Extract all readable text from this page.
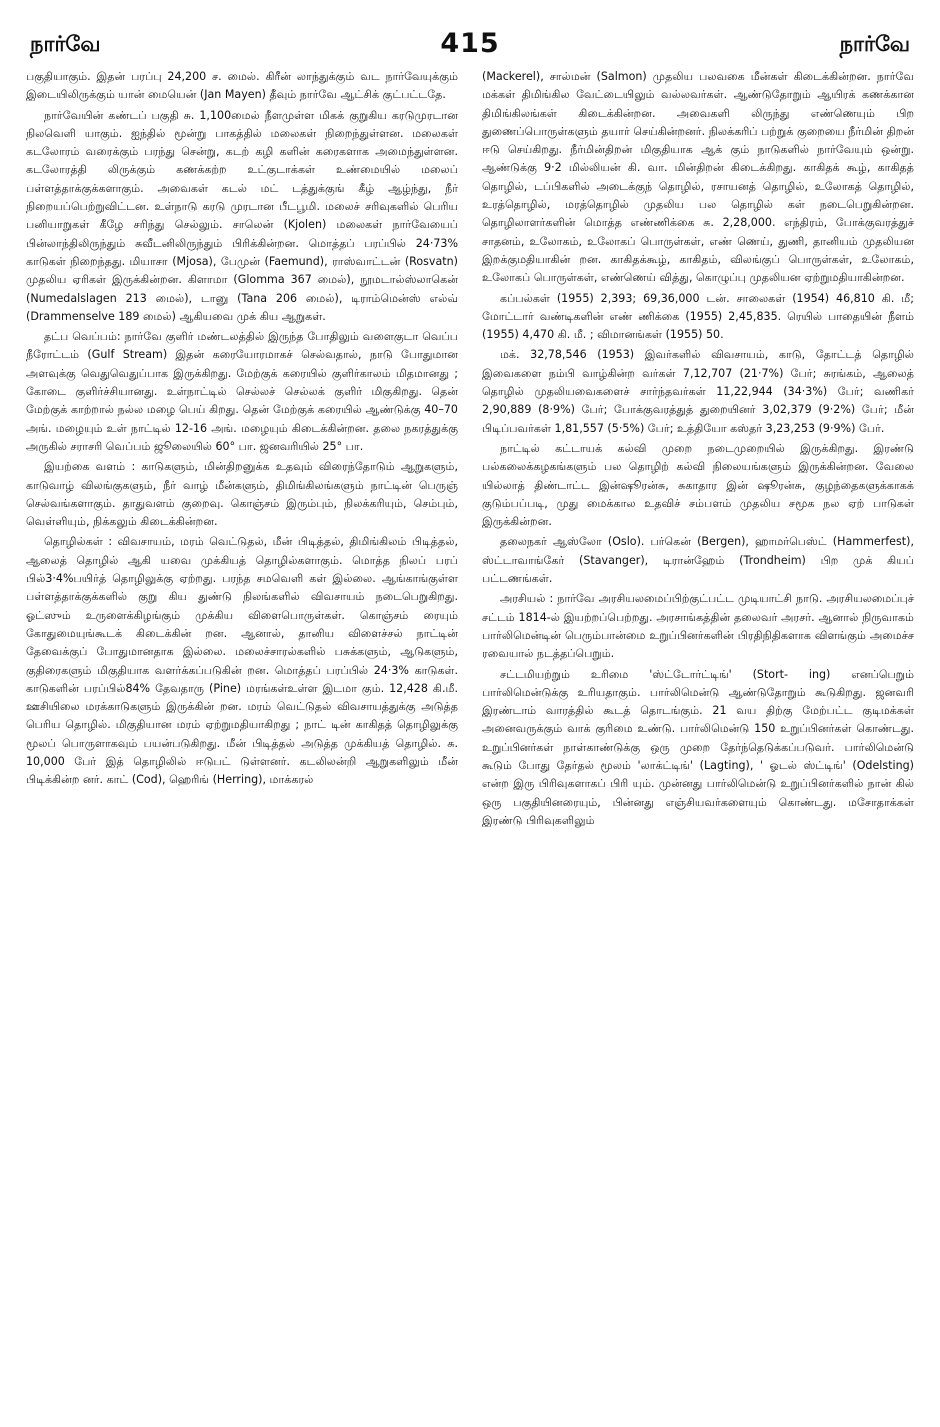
நார்வே	415	நார்வே

பகுதியாகும். இதன் பரப்பு 24,200 ச. மைல். கிரீன் லாந்துக்கும் வட நார்வேயுக்கும் இடையிலிருக்கும் யான் மையென் (Jan Mayen) தீவும் நார்வே ஆட்சிக் குட்பட்டதே.

நார்வேயின் கண்டப் பகுதி சு. 1,100மைல் நீளமுள்ள மிகக் குறுகிய கரடுமுரடான நிலவெளி யாகும். ஐந்தில் மூன்று பாகத்தில் மலைகள் நிறைந்துள்ளன. மலைகள் கடலோரம் வரைக்கும் பரந்து சென்று, கடற் கழி களின் கரைகளாக அமைந்துள்ளன. கடலோரத்தி லிருக்கும் கணக்கற்ற உட்குடாக்கள் உண்மையில் மலைப் பள்ளத்தாக்குக்களாகும். அவைகள் கடல் மட் டத்துக்குங் கீழ் ஆழ்ந்து, நீர் நிறையப்பெற்றுவிட்டன. உள்நாடு கரடு முரடான பீடபூமி. மலைச் சரிவுகளில் பெரிய பனியாறுகள் கீழே சரிந்து செல்லும். சாலென் (Kjolen) மலைகள் நார்வேயைப் பின்லாந்திலிருந்தும் சுவீடனிலிருந்தும் பிரிக்கின்றன. மொத்தப் பரப்பில் 24·73% காடுகள் நிறைந்தது. மியாசா (Mjosa), பேமுன் (Faemund), ராஸ்வாட்டன் (Rosvatn) முதலிய ஏரிகள் இருக்கின்றன. கிளாமா (Glomma 367 மைல்), நூமடால்ஸ்லாகென் (Numedalslagen 213 மைல்), டானு (Tana 206 மைல்), டிராம்மென்ஸ் எல்வ் (Drammenselve 189 மைல்) ஆகியவை முக் கிய ஆறுகள்.

தட்ப வெப்பம்: நார்வே குளிர் மண்டலத்தில் இருந்த போதிலும் வளைகுடா வெப்ப நீரோட்டம் (Gulf Stream) இதன் கரையோரமாகச் செல்வதால், நாடு போதுமான அளவுக்கு வெதுவெதுப்பாக இருக்கிறது. மேற்குக் கரையில் குளிர்காலம் மிதமானது ; கோடை குளிர்ச்சியானது. உள்நாட்டில் செல்லச் செல்லக் குளிர் மிகுகிறது. தென் மேற்குக் காற்றால் நல்ல மழை பெய் கிறது. தென் மேற்குக் கரையில் ஆண்டுக்கு 40–70 அங். மழையும் உள் நாட்டில் 12-16 அங். மழையும் கிடைக்கின்றன. தலை நகரத்துக்கு அருகில் சராசரி வெப்பம் ஜூலையில் 60° பா. ஜனவரியில் 25° பா.

இயற்கை வளம் : காடுகளும், மின்திறனுக்க உதவும் விரைந்தோடும் ஆறுகளும், காடுவாழ் விலங்குகளும், நீர் வாழ் மீன்களும், திமிங்கிலங்களும் நாட்டின் பெருஞ் செல்வங்களாகும். தாதுவளம் குறைவு. கொஞ்சம் இரும்பும், நிலக்கரியும், செம்பும், வெள்ளியும், நிக்கலும் கிடைக்கின்றன.

தொழில்கள் : விவசாயம், மரம் வெட்டுதல், மீன் பிடித்தல், திமிங்கிலம் பிடித்தல், ஆலைத் தொழில் ஆகி யவை முக்கியத் தொழில்களாகும். மொத்த நிலப் பரப் பில்3·4%பயிர்த் தொழிலுக்கு ஏற்றது. பரந்த சமவெளி கள் இல்லை. ஆங்காங்குள்ள பள்ளத்தாக்குக்களில் குறு கிய துண்டு நிலங்களில் விவசாயம் நடைபெறுகிறது. ஓட்ஸும் உருளைக்கிழங்கும் முக்கிய விளைபொருள்கள். கொஞ்சம் ரையும் கோதுமையுங்கூடக் கிடைக்கின் றன. ஆனால், தானிய விளைச்சல் நாட்டின் தேவைக்குப் போதுமானதாக இல்லை. மலைச்சாரல்களில் பசுக்களும், ஆடுகளும், குதிரைகளும் மிகுதியாக வளர்க்கப்படுகின் றன. மொத்தப் பரப்பில் 24·3% காடுகள். காடுகளின் பரப்பில்84% தேவதாரு (Pine) மரங்கள்உள்ள இடமா கும். 12,428 கி.மீ. ஊசியிலை மரக்காடுகளும் இருக்கின் றன. மரம் வெட்டுதல் விவசாயத்துக்கு அடுத்த பெரிய தொழில். மிகுதியான மரம் ஏற்றுமதியாகிறது ; நாட் டின் காகிதத் தொழிலுக்கு மூலப் பொருளாகவும் பயன்படுகிறது. மீன் பிடித்தல் அடுத்த முக்கியத் தொழில். சு. 10,000 பேர் இத் தொழிலில் ஈடுபட் டுள்ளனர். கடலிலன்றி ஆறுகளிலும் மீன் பிடிக்கின்ற னர். காட் (Cod), ஹெரிங் (Herring), மாக்கரல்

(Mackerel), சால்மன் (Salmon) முதலிய பலவகை மீன்கள் கிடைக்கின்றன. நார்வே மக்கள் திமிங்கில வேட்டையிலும் வல்லவர்கள். ஆண்டுதோறும் ஆயிரக் கணக்கான திமிங்கிலங்கள் கிடைக்கின்றன. அவைகளி லிருந்து எண்ணெயும் பிற துணைப்பொருள்களும் தயார் செய்கின்றனர். நிலக்கரிப் பற்றுக் குறையை நீர்மின் திறன் ஈடு செய்கிறது. நீர்மின்திறன் மிகுதியாக ஆக் கும் நாடுகளில் நார்வேயும் ஒன்று. ஆண்டுக்கு 9·2 மில்லியன் கி. வா. மின்திறன் கிடைக்கிறது. காகிதக் கூழ், காகிதத் தொழில், டப்பிகளில் அடைக்குந் தொழில், ரசாயனத் தொழில், உலோகத் தொழில், உரத்தொழில், மரத்தொழில் முதலிய பல தொழில் கள் நடைபெறுகின்றன. தொழிலாளர்களின் மொத்த எண்ணிக்கை சு. 2,28,000. எந்திரம், போக்குவரத்துச் சாதனம், உலோகம், உலோகப் பொருள்கள், எண் ணெய், துணி, தானியம் முதலியன இறக்குமதியாகின் றன. காகிதக்கூழ், காகிதம், விலங்குப் பொருள்கள், உலோகம், உலோகப் பொருள்கள், எண்ணெய் வித்து, கொழுப்பு முதலியன ஏற்றுமதியாகின்றன.

கப்பல்கள் (1955) 2,393; 69,36,000 டன். சாலைகள் (1954) 46,810 கி. மீ; மோட்டார் வண்டிகளின் எண் ணிக்கை (1955) 2,45,835. ரெயில் பாதையின் நீளம் (1955) 4,470 கி. மீ. ; விமானங்கள் (1955) 50.

மக். 32,78,546 (1953) இவர்களில் விவசாயம், காடு, தோட்டத் தொழில் இவைகளை நம்பி வாழ்கின்ற வர்கள் 7,12,707 (21·7%) பேர்; சுரங்கம், ஆலைத் தொழில் முதலியவைகளைச் சார்ந்தவர்கள் 11,22,944 (34·3%) பேர்; வணிகர் 2,90,889 (8·9%) பேர்; போக்குவரத்துத் துறையினர் 3,02,379 (9·2%) பேர்; மீன் பிடிப்பவர்கள் 1,81,557 (5·5%) பேர்; உத்தியோ கஸ்தர் 3,23,253 (9·9%) பேர்.

நாட்டில் கட்டாயக் கல்வி முறை நடைமுறையில் இருக்கிறது. இரண்டு பல்கலைக்கழகங்களும் பல தொழிற் கல்வி நிலையங்களும் இருக்கின்றன. வேலை யில்லாத் திண்டாட்ட இன்ஷூரன்சு, சுகாதார இன் ஷூரன்சு, குழந்தைகளுக்காகக் குடும்பப்படி, முது மைக்கால உதவிச் சம்பளம் முதலிய சமூக நல ஏற் பாடுகள் இருக்கின்றன.

தலைநகர் ஆஸ்லோ (Oslo). பர்கென் (Bergen), ஹாமர்பெஸ்ட் (Hammerfest), ஸ்ட்டாவாங்கேர் (Stavanger), டிரான்ஹேம் (Trondheim) பிற முக் கியப் பட்டணங்கள்.

அரசியல் : நார்வே அரசியலமைப்பிற்குட்பட்ட முடியாட்சி நாடு. அரசியலமைப்புச் சட்டம் 1814-ல் இயற்றப்பெற்றது. அரசாங்கத்தின் தலைவர் அரசர். ஆனால் நிருவாகம் பார்லிமென்டின் பெரும்பான்மை உறுப்பினர்களின் பிரதிநிதிகளாக விளங்கும் அமைச்ச ரவையால் நடத்தப்பெறும்.

சட்டமியற்றும் உரிமை 'ஸ்ட்டோர்ட்டிங்' (Stort- ing) எனப்பெறும் பார்லிமென்டுக்கு உரியதாகும். பார்லிமென்டு ஆண்டுதோறும் கூடுகிறது. ஜனவரி இரண்டாம் வாரத்தில் கூடத் தொடங்கும். 21 வய திற்கு மேற்பட்ட குடிமக்கள் அனைவருக்கும் வாக் குரிமை உண்டு. பார்லிமென்டு 150 உறுப்பினர்கள் கொண்டது. உறுப்பினர்கள் நாள்காண்டுக்கு ஒரு முறை தேர்ந்தெடுக்கப்படுவர். பார்லிமென்டு கூடும் போது தேர்தல் மூலம் 'லாக்ட்டிங்' (Lagting), ' ஓடல் ஸ்ட்டிங்' (Odelsting) என்ற இரு பிரிவுகளாகப் பிரி யும். முன்னது பார்லிமென்டு உறுப்பினர்களில் நான் கில் ஒரு பகுதியினரையும், பின்னது எஞ்சியவர்களையும் கொண்டது. மசோதாக்கள் இரண்டு பிரிவுகளிலும்
